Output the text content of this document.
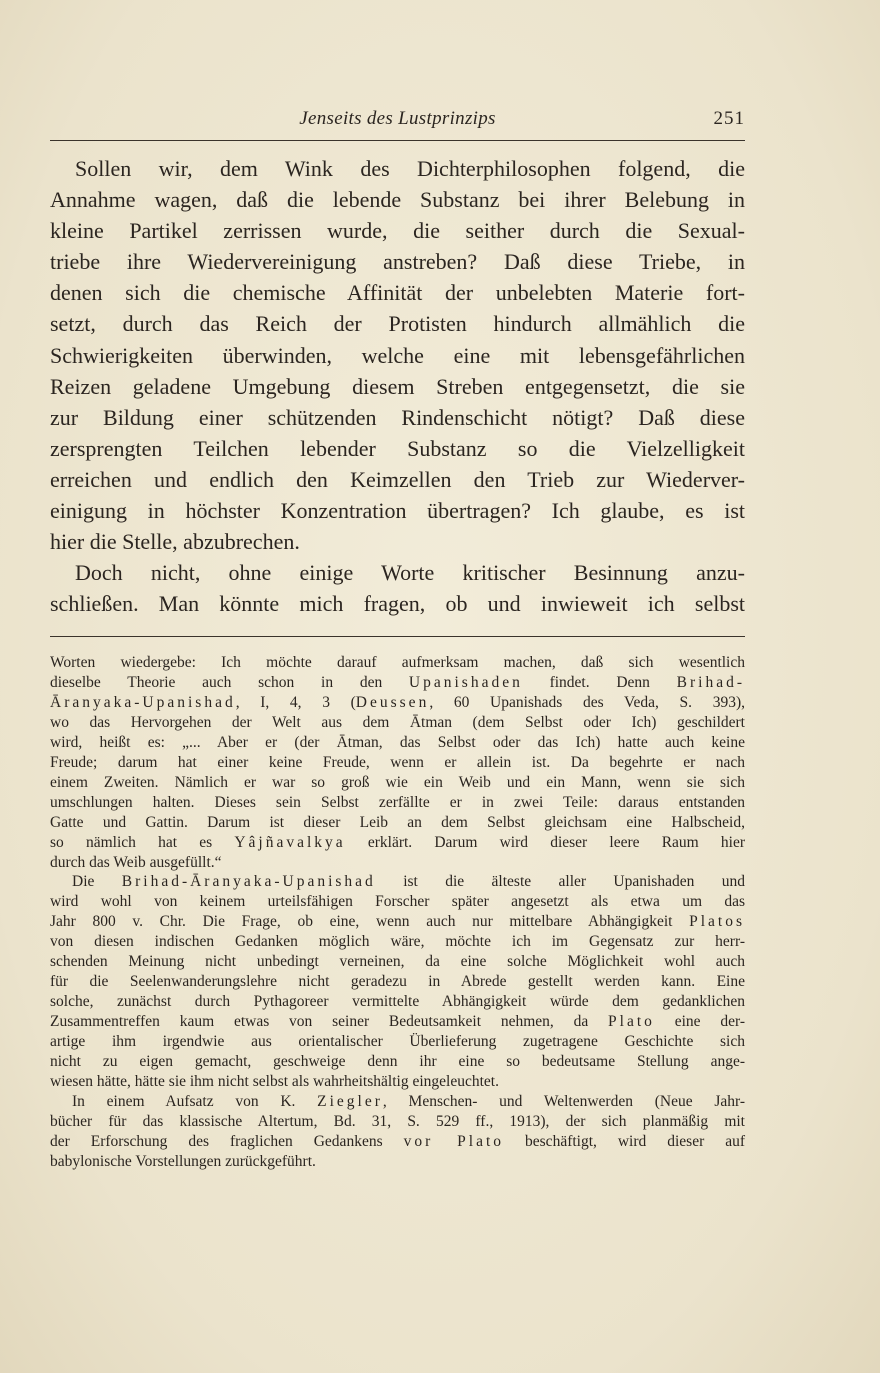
Jenseits des Lustprinzips	251
Sollen wir, dem Wink des Dichterphilosophen folgend, die
Annahme wagen, daß die lebende Substanz bei ihrer Belebung in
kleine Partikel zerrissen wurde, die seither durch die Sexual-
triebe ihre Wiedervereinigung anstreben? Daß diese Triebe, in
denen sich die chemische Affinität der unbelebten Materie fort-
setzt, durch das Reich der Protisten hindurch allmählich die
Schwierigkeiten überwinden, welche eine mit lebensgefährlichen
Reizen geladene Umgebung diesem Streben entgegensetzt, die sie
zur Bildung einer schützenden Rindenschicht nötigt? Daß diese
zersprengten Teilchen lebender Substanz so die Vielzelligkeit
erreichen und endlich den Keimzellen den Trieb zur Wiederver-
einigung in höchster Konzentration übertragen? Ich glaube, es ist
hier die Stelle, abzubrechen.
Doch nicht, ohne einige Worte kritischer Besinnung anzu-
schließen. Man könnte mich fragen, ob und inwieweit ich selbst
Worten wiedergebe: Ich möchte darauf aufmerksam machen, daß sich wesentlich
dieselbe Theorie auch schon in den Upanishaden findet. Denn Brihad-
Āranyaka-Upanishad, I, 4, 3 (Deussen, 60 Upanishads des Veda, S. 393),
wo das Hervorgehen der Welt aus dem Ātman (dem Selbst oder Ich) geschildert
wird, heißt es: „... Aber er (der Ātman, das Selbst oder das Ich) hatte auch keine
Freude; darum hat einer keine Freude, wenn er allein ist. Da begehrte er nach
einem Zweiten. Nämlich er war so groß wie ein Weib und ein Mann, wenn sie sich
umschlungen halten. Dieses sein Selbst zerfällte er in zwei Teile: daraus entstanden
Gatte und Gattin. Darum ist dieser Leib an dem Selbst gleichsam eine Halbscheid,
so nämlich hat es Yâjñavalkya erklärt. Darum wird dieser leere Raum hier
durch das Weib ausgefüllt.“
Die Brihad-Āranyaka-Upanishad ist die älteste aller Upanishaden und
wird wohl von keinem urteilsfähigen Forscher später angesetzt als etwa um das
Jahr 800 v. Chr. Die Frage, ob eine, wenn auch nur mittelbare Abhängigkeit Platos
von diesen indischen Gedanken möglich wäre, möchte ich im Gegensatz zur herr-
schenden Meinung nicht unbedingt verneinen, da eine solche Möglichkeit wohl auch
für die Seelenwanderungslehre nicht geradezu in Abrede gestellt werden kann. Eine
solche, zunächst durch Pythagoreer vermittelte Abhängigkeit würde dem gedanklichen
Zusammentreffen kaum etwas von seiner Bedeutsamkeit nehmen, da Plato eine der-
artige ihm irgendwie aus orientalischer Überlieferung zugetragene Geschichte sich
nicht zu eigen gemacht, geschweige denn ihr eine so bedeutsame Stellung ange-
wiesen hätte, hätte sie ihm nicht selbst als wahrheitshältig eingeleuchtet.
In einem Aufsatz von K. Ziegler, Menschen- und Weltenwerden (Neue Jahr-
bücher für das klassische Altertum, Bd. 31, S. 529 ff., 1913), der sich planmäßig mit
der Erforschung des fraglichen Gedankens vor Plato beschäftigt, wird dieser auf
babylonische Vorstellungen zurückgeführt.
